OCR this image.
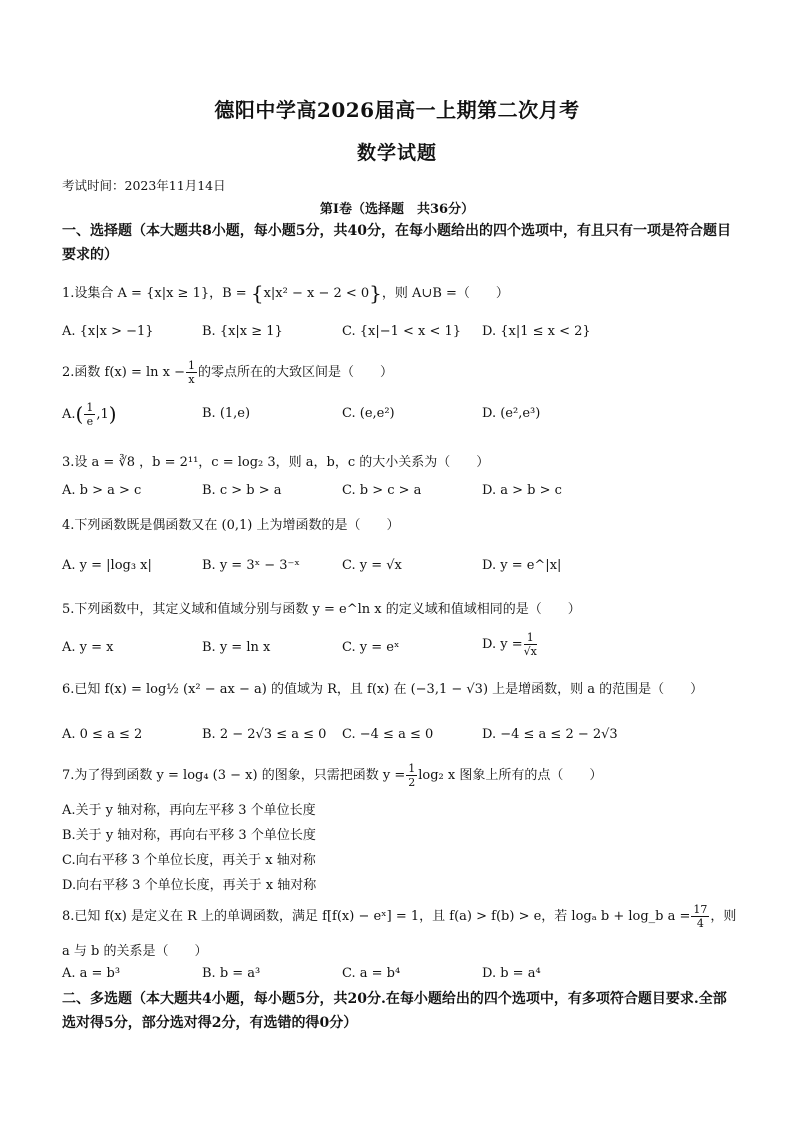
德阳中学高2026届高一上期第二次月考
数学试题
考试时间：2023年11月14日
第Ⅰ卷（选择题　共36分）
一、选择题（本大题共8小题，每小题5分，共40分，在每小题给出的四个选项中，有且只有一项是符合题目要求的）
1.设集合 A = {x|x ≥ 1}，B = {x|x² − x − 2 < 0}，则 A∪B =（　　）
A. {x|x > −1}	B. {x|x ≥ 1}	C. {x|−1 < x < 1} D. {x|1 ≤ x < 2}
2.函数 $f(x) = \ln x - \frac{1}{x}$ 的零点所在的大致区间是（　　）
$A.( \frac{1}{e} ,1)$	B. (1,e)	C. (e,e²)	D. (e²,e³)
3.设 a = ∛8 ，b = 2¹¹，c = log₂ 3，则 a，b，c 的大小关系为（　　）
A. b > a > c	B. c > b > a	C. b > c > a	D. a > b > c
4.下列函数既是偶函数又在 (0,1) 上为增函数的是（　　）
A. y = |log₃ x|	B. y = 3ˣ − 3⁻ˣ	C. y = √x	D. y = e^|x|
5.下列函数中，其定义域和值域分别与函数 y = e^ln x 的定义域和值域相同的是（　　）
A. y = x	B. y = ln x	C. y = eˣ	D. $y = \frac{1}{√x}$
6.已知 f(x) = log½ (x² − ax − a) 的值域为 R，且 f(x) 在 (−3,1 − √3) 上是增函数，则 a 的范围是（　　）
A. 0 ≤ a ≤ 2	B. 2 − 2√3 ≤ a ≤ 0 C. −4 ≤ a ≤ 0	D. −4 ≤ a ≤ 2 − 2√3
7.为了得到函数 y = log₄ (3 − x) 的图象，只需把函数 $y = \frac{1}{2} \log_2$ x 图象上所有的点（　　）
A.关于 y 轴对称，再向左平移 3 个单位长度
B.关于 y 轴对称，再向右平移 3 个单位长度
C.向右平移 3 个单位长度，再关于 x 轴对称
D.向右平移 3 个单位长度，再关于 x 轴对称
8.已知 f(x) 是定义在 R 上的单调函数，满足 f[f(x) − eˣ] = 1，且 f(a) > f(b) > e，若 logₐ b + log_b $a = \frac{17}{4}$ ，则
a 与 b 的关系是（　　）
A. a = b³	B. b = a³	C. a = b⁴	D. b = a⁴
二、多选题（本大题共4小题，每小题5分，共20分.在每小题给出的四个选项中，有多项符合题目要求.全部选对得5分，部分选对得2分，有选错的得0分）
